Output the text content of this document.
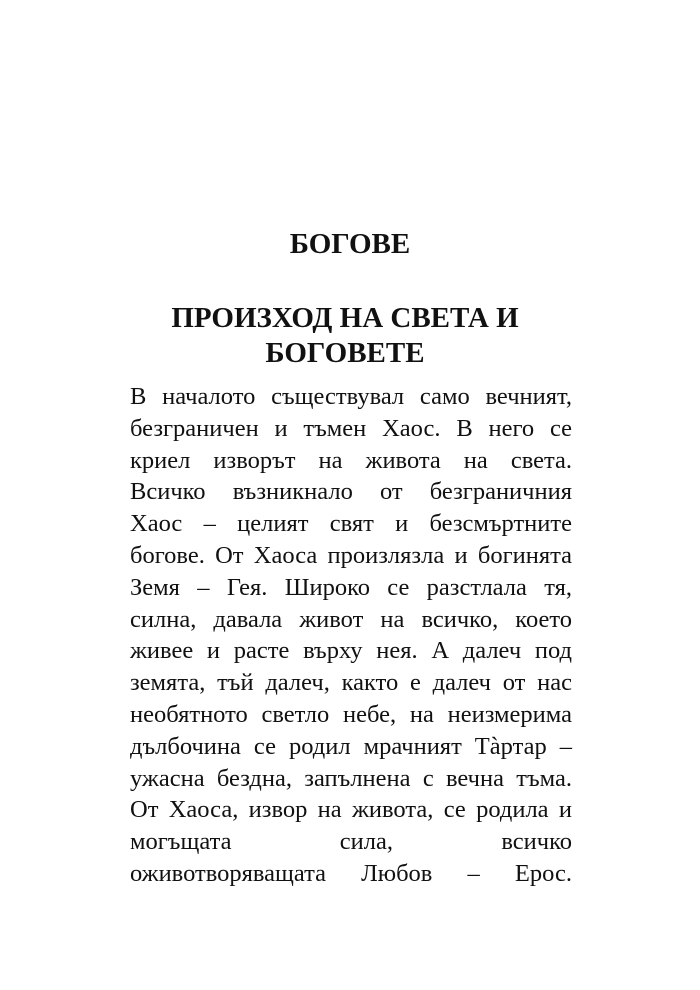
БОГОВЕ
ПРОИЗХОД НА СВЕТА И
БОГОВЕТЕ
В началото съществувал само вечният,
безграничен и тъмен Хаос. В него се
криел изворът на живота на света.
Всичко възникнало от безграничния
Хаос – целият свят и безсмъртните
богове. От Хаоса произлязла и богинята
Земя – Гея. Широко се разстлала тя,
силна, давала живот на всичко, което
живее и расте върху нея. А далеч под
земята, тъй далеч, както е далеч от нас
необятното светло небе, на неизмерима
дълбочина се родил мрачният Тàртар –
ужасна бездна, запълнена с вечна тъма.
От Хаоса, извор на живота, се родила и
могъщата сила, всичко
оживотворяващата Любов – Ерос.
